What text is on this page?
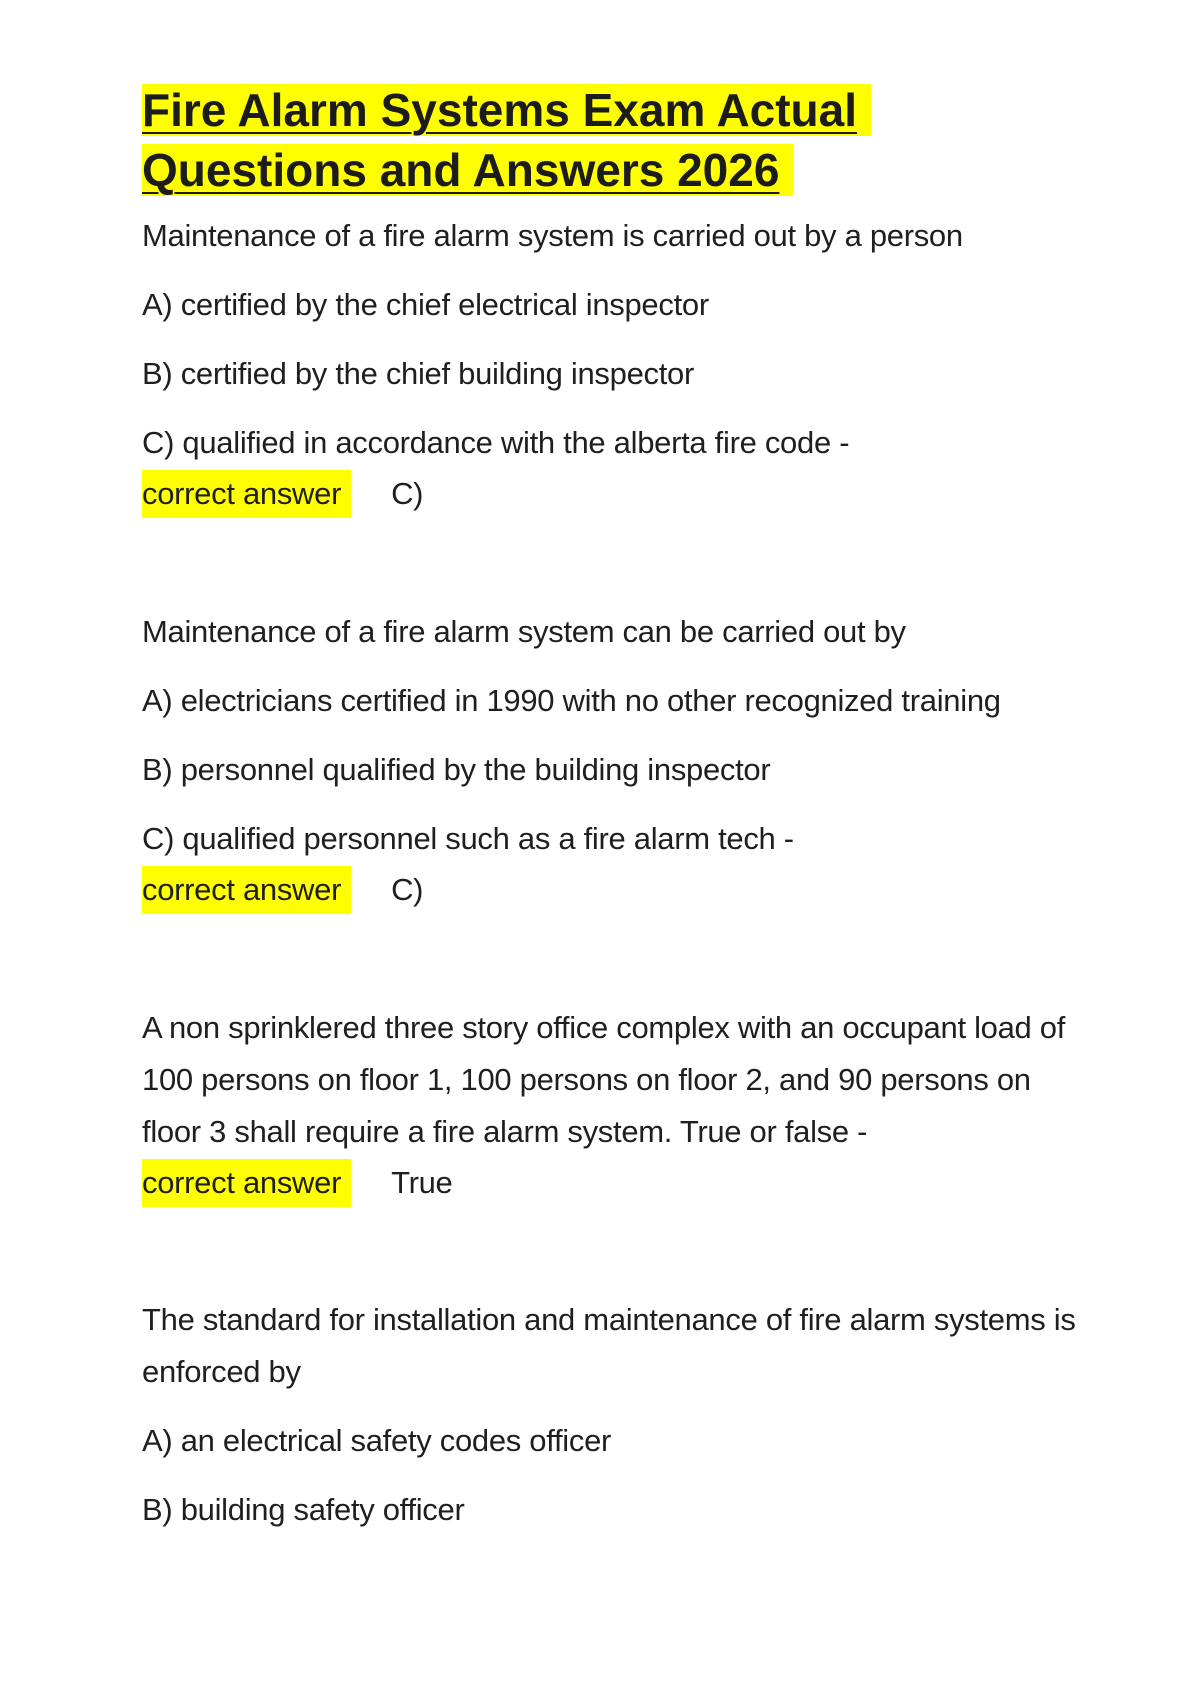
Fire Alarm Systems Exam Actual
Questions and Answers 2026

Maintenance of a fire alarm system is carried out by a person

A) certified by the chief electrical inspector

B) certified by the chief building inspector

C) qualified in accordance with the alberta fire code -

correct answer	C)

Maintenance of a fire alarm system can be carried out by

A) electricians certified in 1990 with no other recognized training

B) personnel qualified by the building inspector

C) qualified personnel such as a fire alarm tech -

correct answer	C)

A non sprinklered three story office complex with an occupant load of 100 persons on floor 1, 100 persons on floor 2, and 90 persons on floor 3 shall require a fire alarm system. True or false -

correct answer	True

The standard for installation and maintenance of fire alarm systems is enforced by

A) an electrical safety codes officer

B) building safety officer
